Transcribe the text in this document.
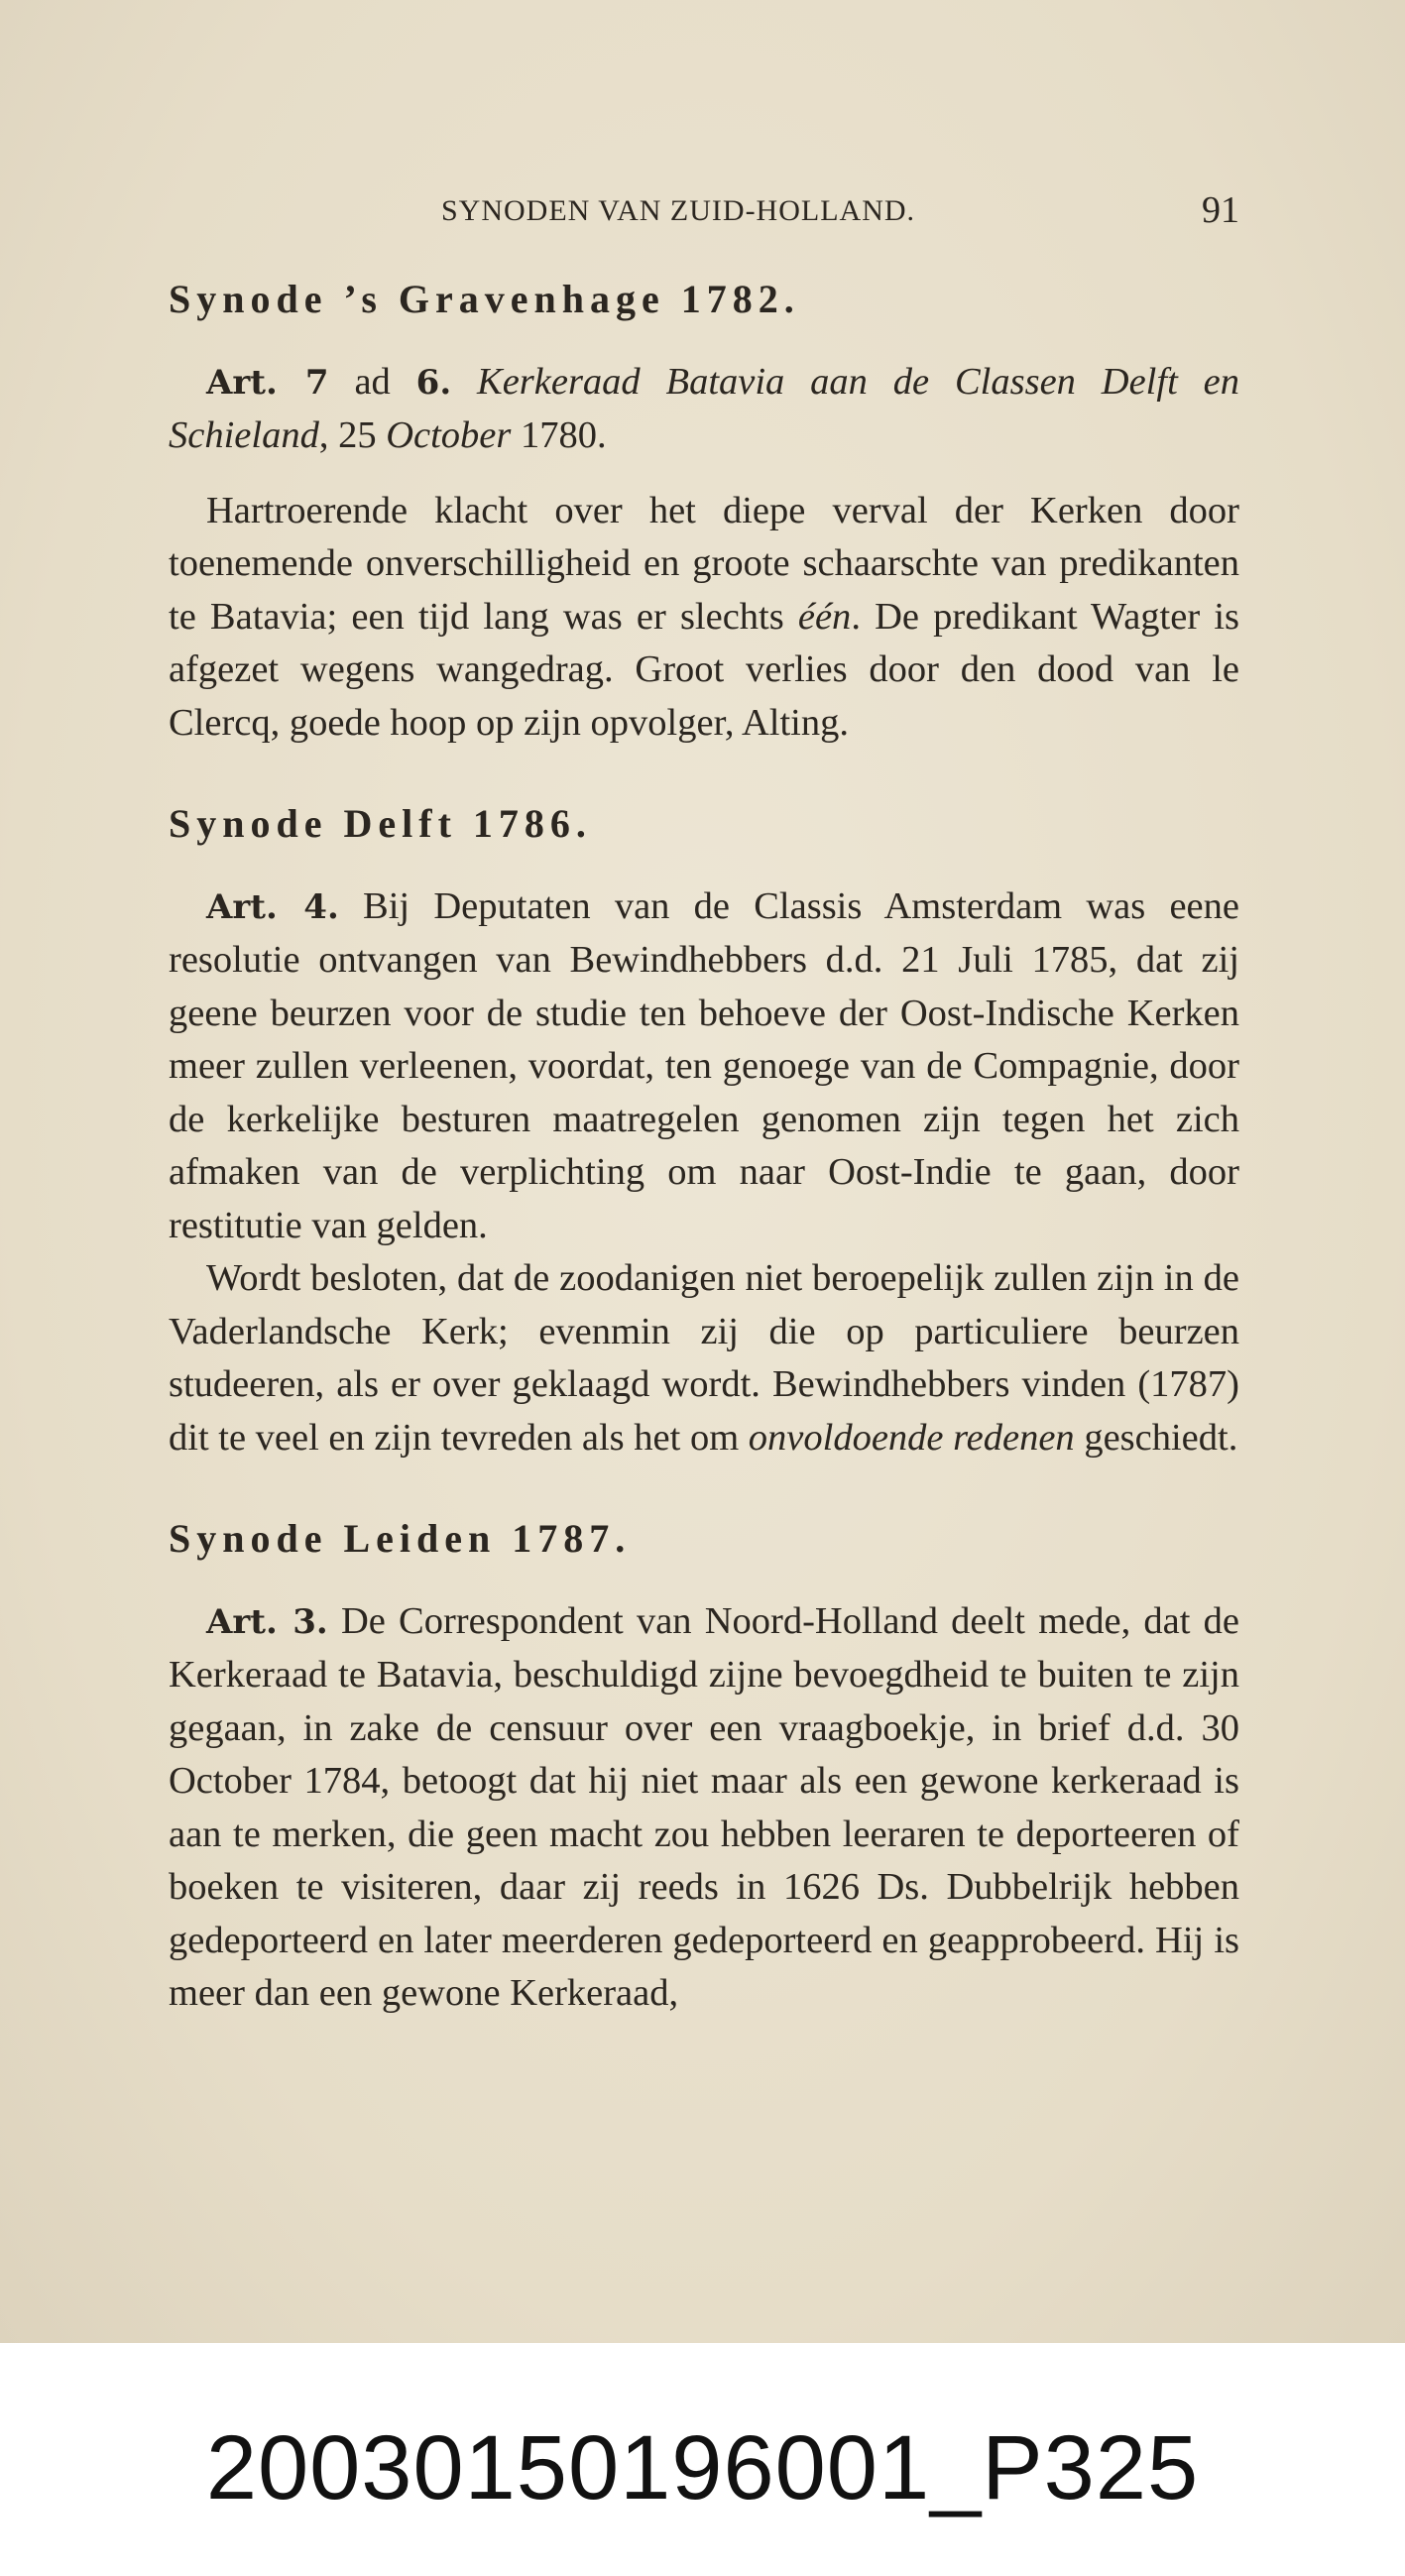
SYNODEN VAN ZUID-HOLLAND.	91
Synode ’s Gravenhage 1782.

Art. 7 ad 6. Kerkeraad Batavia aan de Classen Delft en Schieland, 25 October 1780.

Hartroerende klacht over het diepe verval der Kerken door toenemende onverschilligheid en groote schaarschte van predikanten te Batavia; een tijd lang was er slechts één. De predikant Wagter is afgezet wegens wangedrag. Groot verlies door den dood van le Clercq, goede hoop op zijn opvolger, Alting.

Synode Delft 1786.

Art. 4. Bij Deputaten van de Classis Amsterdam was eene resolutie ontvangen van Bewindhebbers d.d. 21 Juli 1785, dat zij geene beurzen voor de studie ten behoeve der Oost-Indische Kerken meer zullen verleenen, voordat, ten genoege van de Compagnie, door de kerkelijke besturen maatregelen genomen zijn tegen het zich afmaken van de verplichting om naar Oost-Indie te gaan, door restitutie van gelden.

Wordt besloten, dat de zoodanigen niet beroepelijk zullen zijn in de Vaderlandsche Kerk; evenmin zij die op particuliere beurzen studeeren, als er over geklaagd wordt. Bewindhebbers vinden (1787) dit te veel en zijn tevreden als het om onvoldoende redenen geschiedt.

Synode Leiden 1787.

Art. 3. De Correspondent van Noord-Holland deelt mede, dat de Kerkeraad te Batavia, beschuldigd zijne bevoegdheid te buiten te zijn gegaan, in zake de censuur over een vraagboekje, in brief d.d. 30 October 1784, betoogt dat hij niet maar als een gewone kerkeraad is aan te merken, die geen macht zou hebben leeraren te deporteeren of boeken te visiteren, daar zij reeds in 1626 Ds. Dubbelrijk hebben gedeporteerd en later meerderen gedeporteerd en geapprobeerd. Hij is meer dan een gewone Kerkeraad,

20030150196001_P325
